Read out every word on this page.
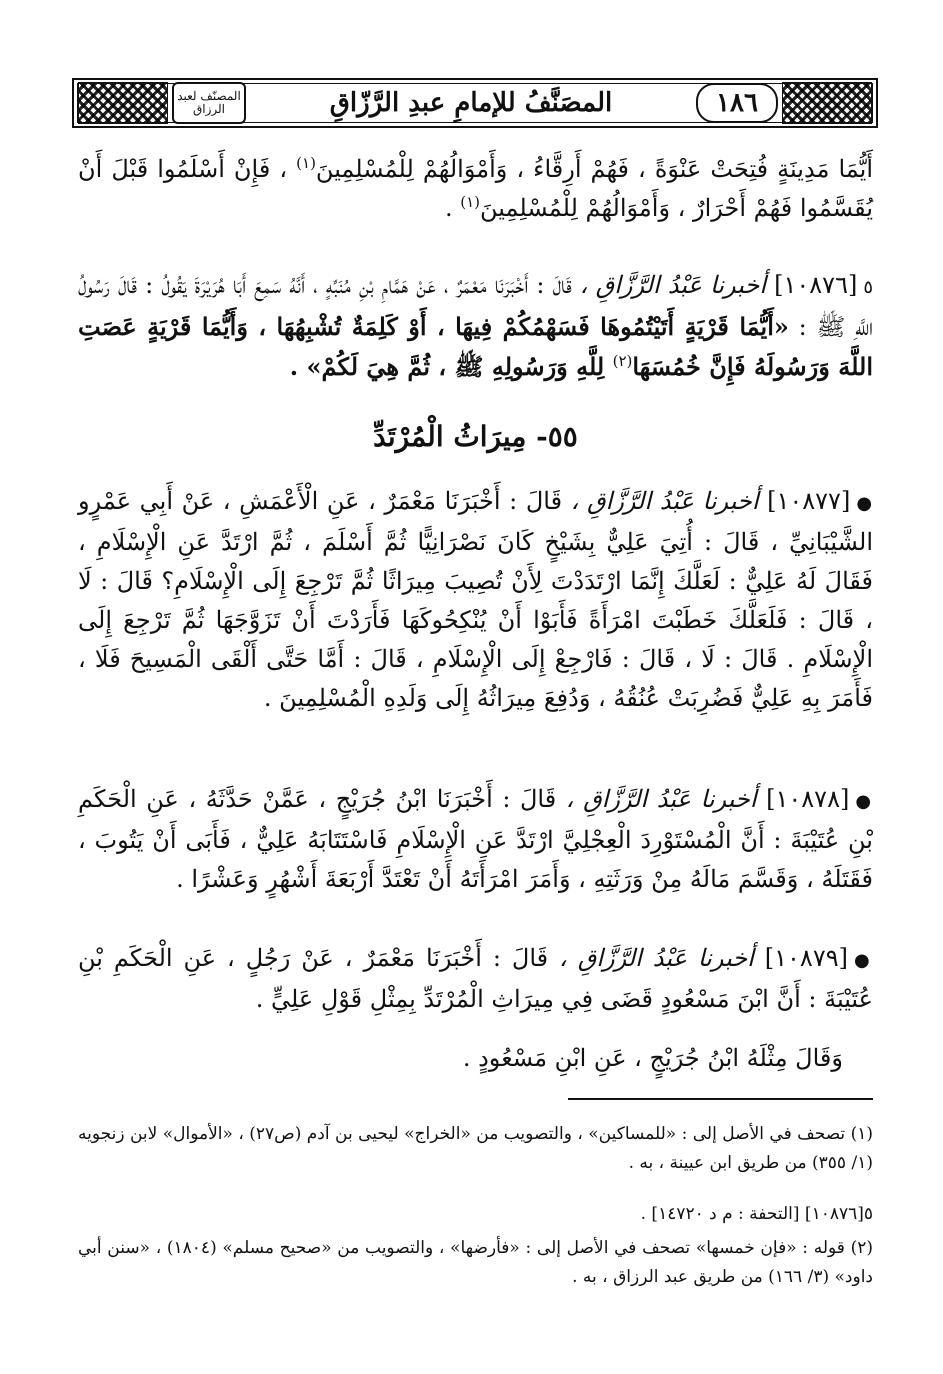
المصنّف لعبد الرزاق	المصَنَّفُ للإمامِ عبدِ الرَّزّاقِ	١٨٦
أَيُّمَا مَدِينَةٍ فُتِحَتْ عَنْوَةً ، فَهُمْ أَرِقَّاءُ ، وَأَمْوَالُهُمْ لِلْمُسْلِمِينَ$^{(١)}$ ، فَإِنْ أَسْلَمُوا قَبْلَ أَنْ يُقَسَّمُوا فَهُمْ أَحْرَارٌ ، وَأَمْوَالُهُمْ لِلْمُسْلِمِينَ$^{(١)}$ .
٥[١٠٨٧٦] أخبرنا عَبْدُ الرَّزَّاقِ ، قَالَ : أَخْبَرَنَا مَعْمَرٌ ، عَنْ هَمَّامِ بْنِ مُنَبِّهٍ ، أَنَّهُ سَمِعَ أَبَا هُرَيْرَةَ يَقُولُ : قَالَ رَسُولُ اللَّهِ ﷺ : «أَيُّمَا قَرْيَةٍ أَتَيْتُمُوهَا فَسَهْمُكُمْ فِيهَا ، أَوْ كَلِمَةٌ تُشْبِهُهَا ، وَأَيُّمَا قَرْيَةٍ عَصَتِ اللَّهَ وَرَسُولَهُ فَإِنَّ خُمُسَهَا$^{(٢)}$ لِلَّهِ وَرَسُولِهِ ﷺ ، ثُمَّ هِيَ لَكُمْ» .
٥٥- مِيرَاثُ الْمُرْتَدِّ
●[١٠٨٧٧] أخبرنا عَبْدُ الرَّزَّاقِ ، قَالَ : أَخْبَرَنَا مَعْمَرٌ ، عَنِ الْأَعْمَشِ ، عَنْ أَبِي عَمْرٍو الشَّيْبَانِيِّ ، قَالَ : أُتِيَ عَلِيٌّ بِشَيْخٍ كَانَ نَصْرَانِيًّا ثُمَّ أَسْلَمَ ، ثُمَّ ارْتَدَّ عَنِ الْإِسْلَامِ ، فَقَالَ لَهُ عَلِيٌّ : لَعَلَّكَ إِنَّمَا ارْتَدَدْتَ لِأَنْ تُصِيبَ مِيرَاثًا ثُمَّ تَرْجِعَ إِلَى الْإِسْلَامِ؟ قَالَ : لَا ، قَالَ : فَلَعَلَّكَ خَطَبْتَ امْرَأَةً فَأَبَوْا أَنْ يُنْكِحُوكَهَا فَأَرَدْتَ أَنْ تَزَوَّجَهَا ثُمَّ تَرْجِعَ إِلَى الْإِسْلَامِ . قَالَ : لَا ، قَالَ : فَارْجِعْ إِلَى الْإِسْلَامِ ، قَالَ : أَمَّا حَتَّى أَلْقَى الْمَسِيحَ فَلَا ، فَأَمَرَ بِهِ عَلِيٌّ فَضُرِبَتْ عُنُقُهُ ، وَدُفِعَ مِيرَاثُهُ إِلَى وَلَدِهِ الْمُسْلِمِينَ .
●[١٠٨٧٨] أخبرنا عَبْدُ الرَّزَّاقِ ، قَالَ : أَخْبَرَنَا ابْنُ جُرَيْجٍ ، عَمَّنْ حَدَّثَهُ ، عَنِ الْحَكَمِ بْنِ عُتَيْبَةَ : أَنَّ الْمُسْتَوْرِدَ الْعِجْلِيَّ ارْتَدَّ عَنِ الْإِسْلَامِ فَاسْتَتَابَهُ عَلِيٌّ ، فَأَبَى أَنْ يَتُوبَ ، فَقَتَلَهُ ، وَقَسَّمَ مَالَهُ مِنْ وَرَثَتِهِ ، وَأَمَرَ امْرَأَتَهُ أَنْ تَعْتَدَّ أَرْبَعَةَ أَشْهُرٍ وَعَشْرًا .
●[١٠٨٧٩] أخبرنا عَبْدُ الرَّزَّاقِ ، قَالَ : أَخْبَرَنَا مَعْمَرٌ ، عَنْ رَجُلٍ ، عَنِ الْحَكَمِ بْنِ عُتَيْبَةَ : أَنَّ ابْنَ مَسْعُودٍ قَضَى فِي مِيرَاثِ الْمُرْتَدِّ بِمِثْلِ قَوْلِ عَلِيٍّ .
وَقَالَ مِثْلَهُ ابْنُ جُرَيْجٍ ، عَنِ ابْنِ مَسْعُودٍ .
(١) تصحف في الأصل إلى : «للمساكين» ، والتصويب من «الخراج» ليحيى بن آدم (ص٢٧) ، «الأموال» لابن زنجويه (١/ ٣٥٥) من طريق ابن عيينة ، به .
٥[١٠٨٧٦] [التحفة : م د ١٤٧٢٠] .
(٢) قوله : «فإن خمسها» تصحف في الأصل إلى : «فأرضها» ، والتصويب من «صحيح مسلم» (١٨٠٤) ، «سنن أبي داود» (٣/ ١٦٦) من طريق عبد الرزاق ، به .
